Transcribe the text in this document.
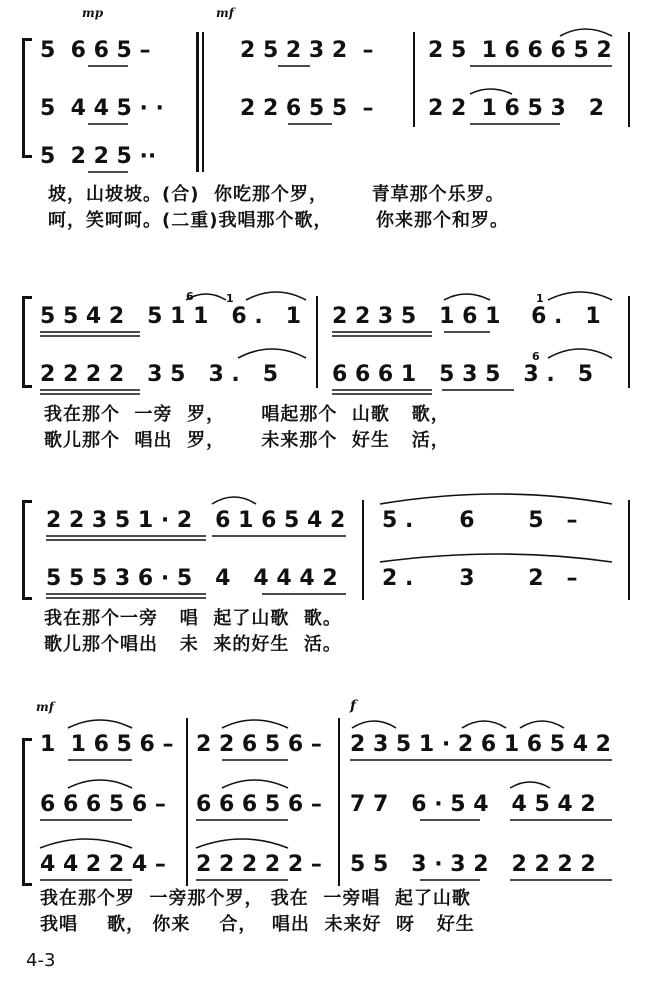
mp	mf
5  6 6 5 –	2 5 2 3 2  – 2 5  1 6 6 6 5 2
5  4 4 5 · ·	2 2 6 5 5  – 2 2  1 6 5 3   2
5  2 2 5 ··
坡，山坡坡。(合)  你吃那个罗，      青草那个乐罗。
呵，笑呵呵。(二重)我唱那个歌，      你来那个和罗。
5 5 4 2   5 1 1   6 .   1 2 2 3 5   1 6 1    6 .   1
6	1	1
2 2 2 2   3 5   3 .   5 6 6 6 1   5 3 5   3 .   5
6
我在那个  一旁  罗，     唱起那个  山歌   歌，
歌儿那个  唱出  罗，     未来那个  好生   活，
2 2 3 5 1 · 2   6 1 6 5 4 2 5 .      6       5   –
5 5 5 3 6 · 5   4   4 4 4 2 2 .      3       2   –
我在那个一旁   唱  起了山歌  歌。
歌儿那个唱出   未  来的好生  活。
mf	f
1  1 6 5 6 – 2 2 6 5 6 – 2 3 5 1 · 2 6 1 6 5 4 2
6 6 6 5 6 – 6 6 6 5 6 – 7 7   6 · 5 4   4 5 4 2
4 4 2 2 4 – 2 2 2 2 2 – 5 5   3 · 3 2   2 2 2 2
我在那个罗  一旁那个罗， 我在  一旁唱  起了山歌
我唱    歌， 你来    合，  唱出  未来好  呀   好生
4-3
